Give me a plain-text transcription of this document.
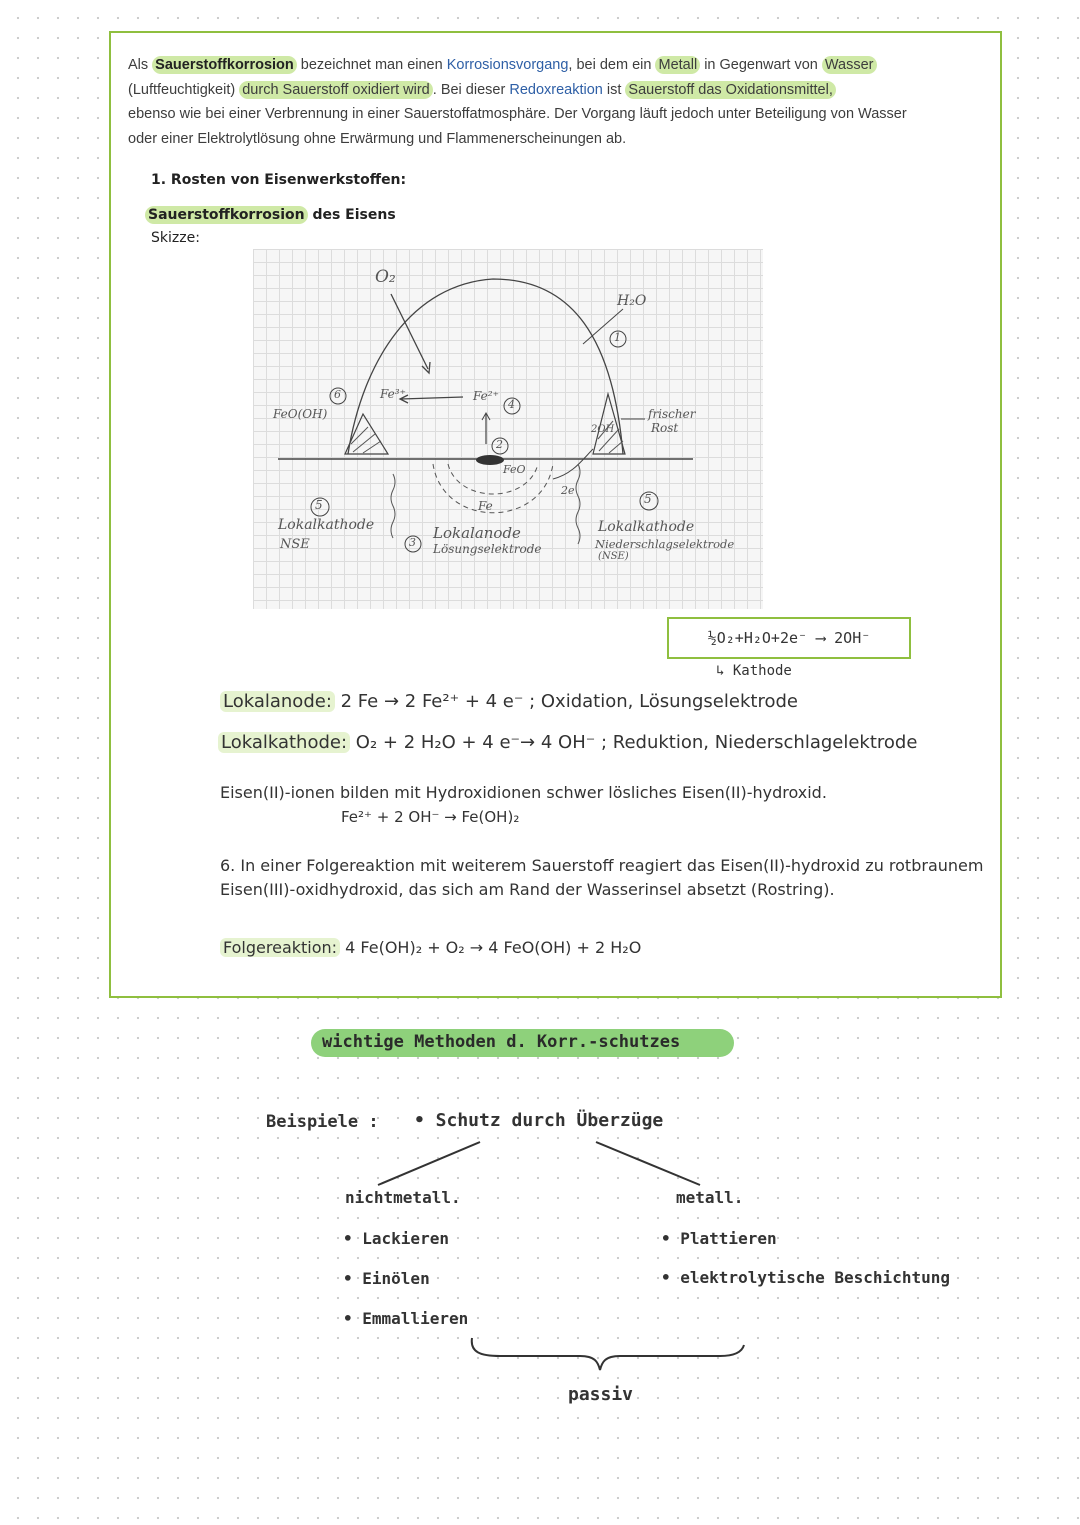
Als Sauerstoffkorrosion bezeichnet man einen Korrosionsvorgang, bei dem ein Metall in Gegenwart von Wasser
(Luftfeuchtigkeit) durch Sauerstoff oxidiert wird . Bei dieser Redoxreaktion ist Sauerstoff das Oxidationsmittel,
ebenso wie bei einer Verbrennung in einer Sauerstoffatmosphäre. Der Vorgang läuft jedoch unter Beteiligung von Wasser oder einer Elektrolytlösung ohne Erwärmung und Flammenerscheinungen ab.
1. Rosten von Eisenwerkstoffen:
Sauerstoffkorrosion des Eisens
Skizze:
O₂
H₂O
1
2
3
4
5	5
6
FeO(OH)
Fe³⁺	Fe²⁺
FeO
Fe
2e
2OH
frischer
Rost
Lokalkathode
NSE
Lokalanode
Lösungselektrode
Lokalkathode
Niederschlagselektrode
(NSE)
½O₂+H₂O+2e⁻ ⟶ 2OH⁻
↳ Kathode
Lokalanode: 2 Fe → 2 Fe²⁺ + 4 e⁻ ; Oxidation, Lösungselektrode
Lokalkathode: O₂ + 2 H₂O + 4 e⁻→ 4 OH⁻ ; Reduktion, Niederschlagelektrode
Eisen(II)-ionen bilden mit Hydroxidionen schwer lösliches Eisen(II)-hydroxid.
Fe²⁺ + 2 OH⁻ → Fe(OH)₂
6. In einer Folgereaktion mit weiterem Sauerstoff reagiert das Eisen(II)-hydroxid zu rotbraunem
Eisen(III)-oxidhydroxid, das sich am Rand der Wasserinsel absetzt (Rostring).
Folgereaktion: 4 Fe(OH)₂ + O₂ → 4 FeO(OH) + 2 H₂O
wichtige Methoden d. Korr.-schutzes
Beispiele : • Schutz durch Überzüge
nichtmetall.	metall.
• Lackieren
• Einölen
• Emmallieren
• Plattieren
• elektrolytische Beschichtung
passiv
